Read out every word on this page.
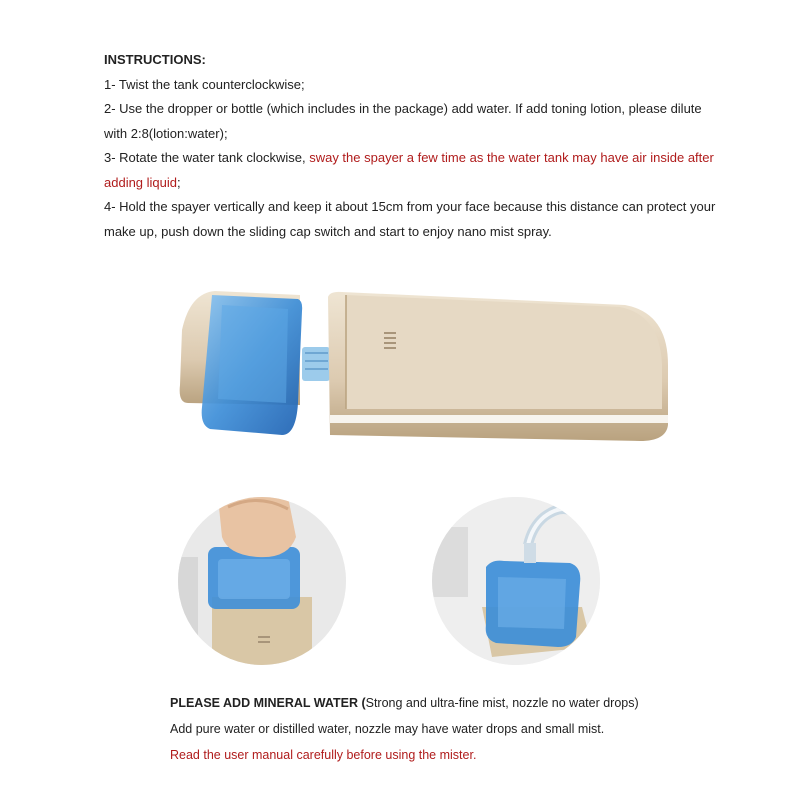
INSTRUCTIONS:

1- Twist the tank counterclockwise;

2- Use the dropper or bottle (which includes in the package) add water. If add toning lotion, please dilute with 2:8(lotion:water);

3- Rotate the water tank clockwise, sway the spayer a few time as the water tank may have air inside after adding liquid;

4- Hold the spayer vertically and keep it about 15cm from your face because this distance can protect your make up, push down the sliding cap switch and start to enjoy nano mist spray.

PLEASE ADD MINERAL WATER (Strong and ultra-fine mist, nozzle no water drops)

Add pure water or distilled water, nozzle may have water drops and small mist.

Read the user manual carefully before using the mister.
